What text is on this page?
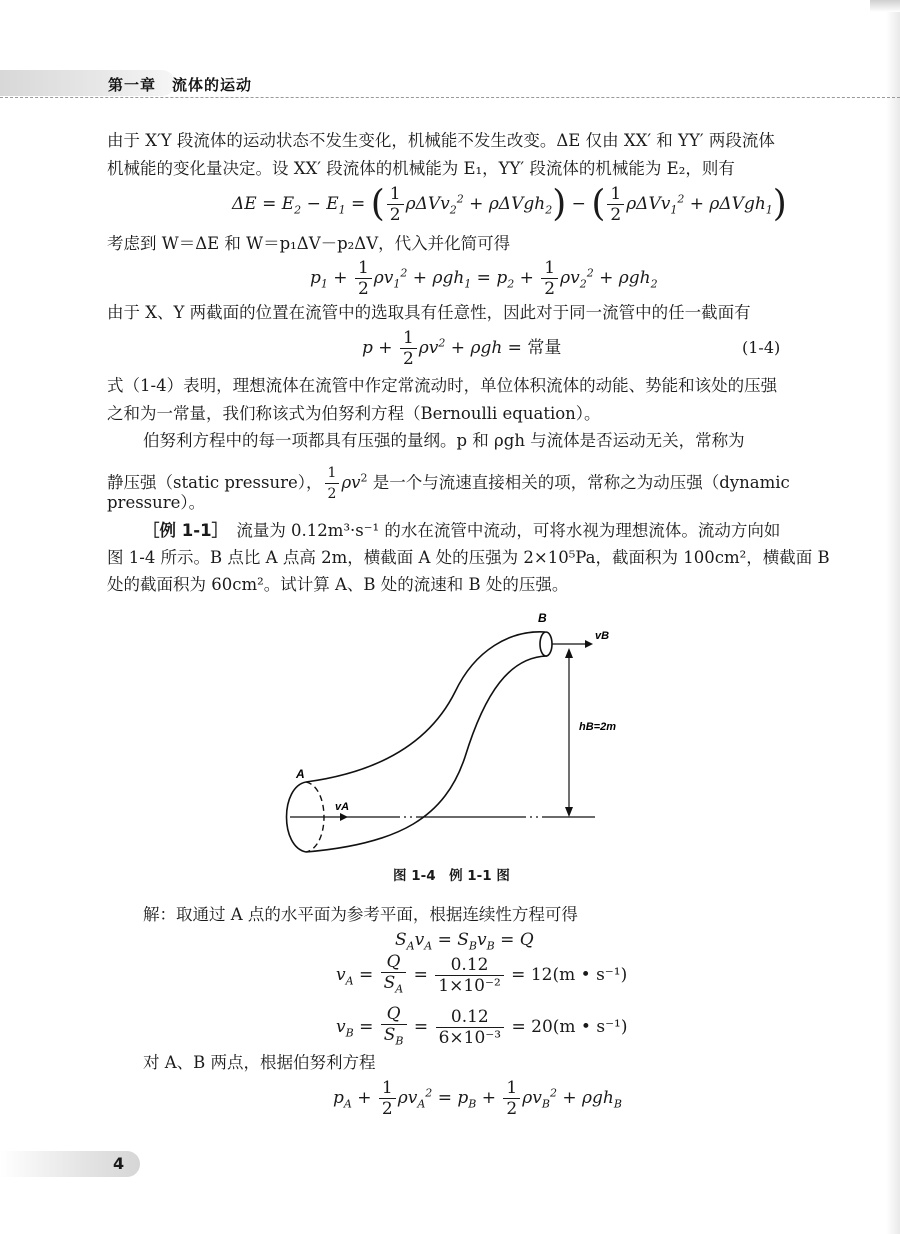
第一章　流体的运动
由于 X′Y 段流体的运动状态不发生变化，机械能不发生改变。ΔE 仅由 XX′ 和 YY′ 两段流体
机械能的变化量决定。设 XX′ 段流体的机械能为 E₁，YY′ 段流体的机械能为 E₂，则有
$\Delta E = E_2 - E_1$ = ( $\frac{1}{2} \rho\Delta Vv_2^2 + \rho\Delta Vgh_2$) − ( $\frac{1}{2} \rho\Delta Vv_1^2 + \rho\Delta Vgh_1$)
考虑到 W＝ΔE 和 W＝p₁ΔV－p₂ΔV，代入并化简可得
$p_1 + \frac{1}{2} \rho v_1^2 + \rho gh_1 = p_2 + \frac{1}{2} \rho v_2^2 + \rho gh_2$
由于 X、Y 两截面的位置在流管中的选取具有任意性，因此对于同一流管中的任一截面有
$p + \frac{1}{2} \rho v^2 + \rho gh$ = 常量	(1-4)
式（1-4）表明，理想流体在流管中作定常流动时，单位体积流体的动能、势能和该处的压强
之和为一常量，我们称该式为伯努利方程（Bernoulli equation）。
伯努利方程中的每一项都具有压强的量纲。p 和 ρgh 与流体是否运动无关，常称为
静压强（static pressure）， $\frac{1}{2} \rho v^2$ 是一个与流速直接相关的项，常称之为动压强（dynamic
pressure）。
［例 1-1］　 流量为 0.12m³·s⁻¹ 的水在流管中流动，可将水视为理想流体。流动方向如
图 1-4 所示。B 点比 A 点高 2m，横截面 A 处的压强为 2×10⁵Pa，截面积为 100cm²，横截面 B
处的截面积为 60cm²。试计算 A、B 处的流速和 B 处的压强。
A
B
vA
vB
hB=2m
图 1-4　例 1-1 图
解：取通过 A 点的水平面为参考平面，根据连续性方程可得
$S_Av_A = S_Bv_B = Q$
$v_A = \frac{Q}{S_A} = \frac{0.12}{\text{1×10⁻²}} = 12(m$ • s⁻¹)
$v_B = \frac{Q}{S_B} = \frac{0.12}{\text{6×10⁻³}} = 20(m$ • s⁻¹)
对 A、B 两点，根据伯努利方程
$p_A + \frac{1}{2} \rho v_A^2 = p_B + \frac{1}{2} \rho v_B^2 + \rho gh_B$
4
